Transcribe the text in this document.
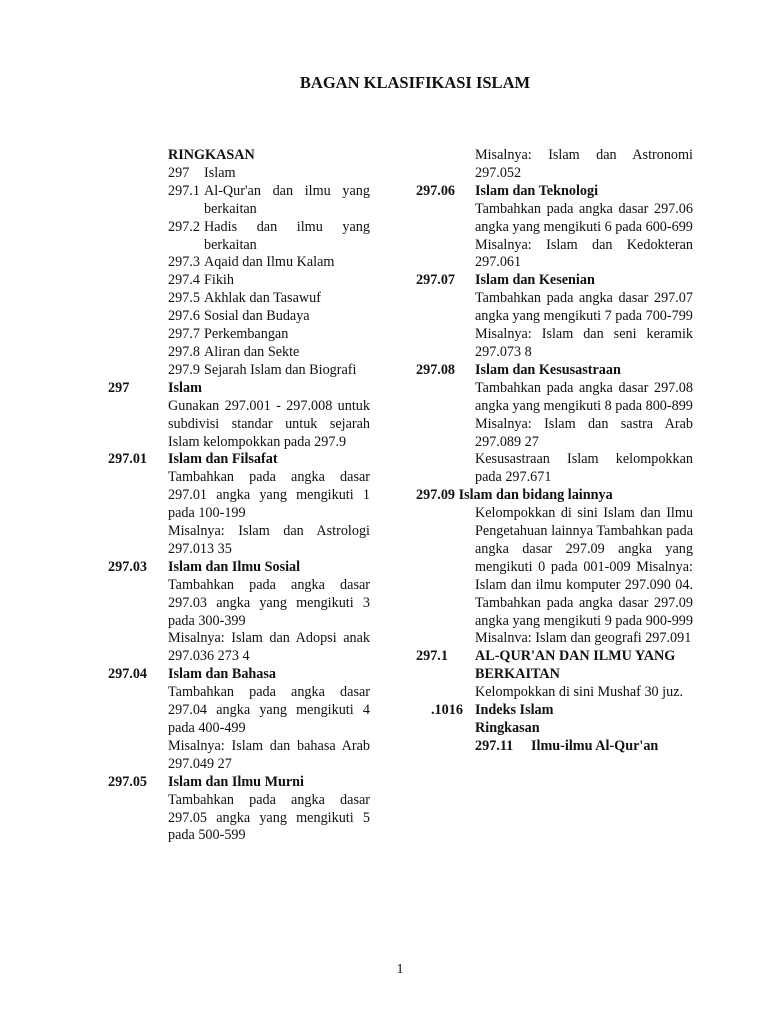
BAGAN KLASIFIKASI ISLAM
RINGKASAN
297	Islam
297.1 Al-Qur'an dan ilmu yang berkaitan
297.2 Hadis dan ilmu yang berkaitan
297.3 Aqaid dan Ilmu Kalam
297.4 Fikih
297.5 Akhlak dan Tasawuf
297.6 Sosial dan Budaya
297.7 Perkembangan
297.8 Aliran dan Sekte
297.9 Sejarah Islam dan Biografi
297	Islam
Gunakan 297.001 - 297.008 untuk subdivisi standar untuk sejarah Islam kelompokkan pada 297.9
297.01 Islam dan Filsafat
Tambahkan pada angka dasar 297.01 angka yang mengikuti 1 pada 100-199
Misalnya: Islam dan Astrologi 297.013 35
297.03 Islam dan Ilmu Sosial
Tambahkan pada angka dasar 297.03 angka yang mengikuti 3 pada 300-399
Misalnya: Islam dan Adopsi anak 297.036 273 4
297.04 Islam dan Bahasa
Tambahkan pada angka dasar 297.04 angka yang mengikuti 4 pada 400-499
Misalnya: Islam dan bahasa Arab 297.049 27
297.05 Islam dan Ilmu Murni
Tambahkan pada angka dasar 297.05 angka yang mengikuti 5 pada 500-599
Misalnya: Islam dan Astronomi 297.052
297.06 Islam dan Teknologi
Tambahkan pada angka dasar 297.06 angka yang mengikuti 6 pada 600-699
Misalnya: Islam dan Kedokteran 297.061
297.07 Islam dan Kesenian
Tambahkan pada angka dasar 297.07 angka yang mengikuti 7 pada 700-799
Misalnya: Islam dan seni keramik 297.073 8
297.08 Islam dan Kesusastraan
Tambahkan pada angka dasar 297.08 angka yang mengikuti 8 pada 800-899
Misalnya: Islam dan sastra Arab 297.089 27
Kesusastraan Islam kelompokkan pada 297.671
297.09 Islam dan bidang lainnya
Kelompokkan di sini Islam dan Ilmu Pengetahuan lainnya Tambahkan pada angka dasar 297.09 angka yang mengikuti 0 pada 001-009 Misalnya: Islam dan ilmu komputer 297.090 04. Tambahkan pada angka dasar 297.09 angka yang mengikuti 9 pada 900-999 Misalnva: Islam dan geografi 297.091
297.1 AL-QUR'AN DAN ILMU YANG BERKAITAN
Kelompokkan di sini Mushaf 30 juz.
.1016 Indeks Islam
Ringkasan
297.11	Ilmu-ilmu Al-Qur'an
1
